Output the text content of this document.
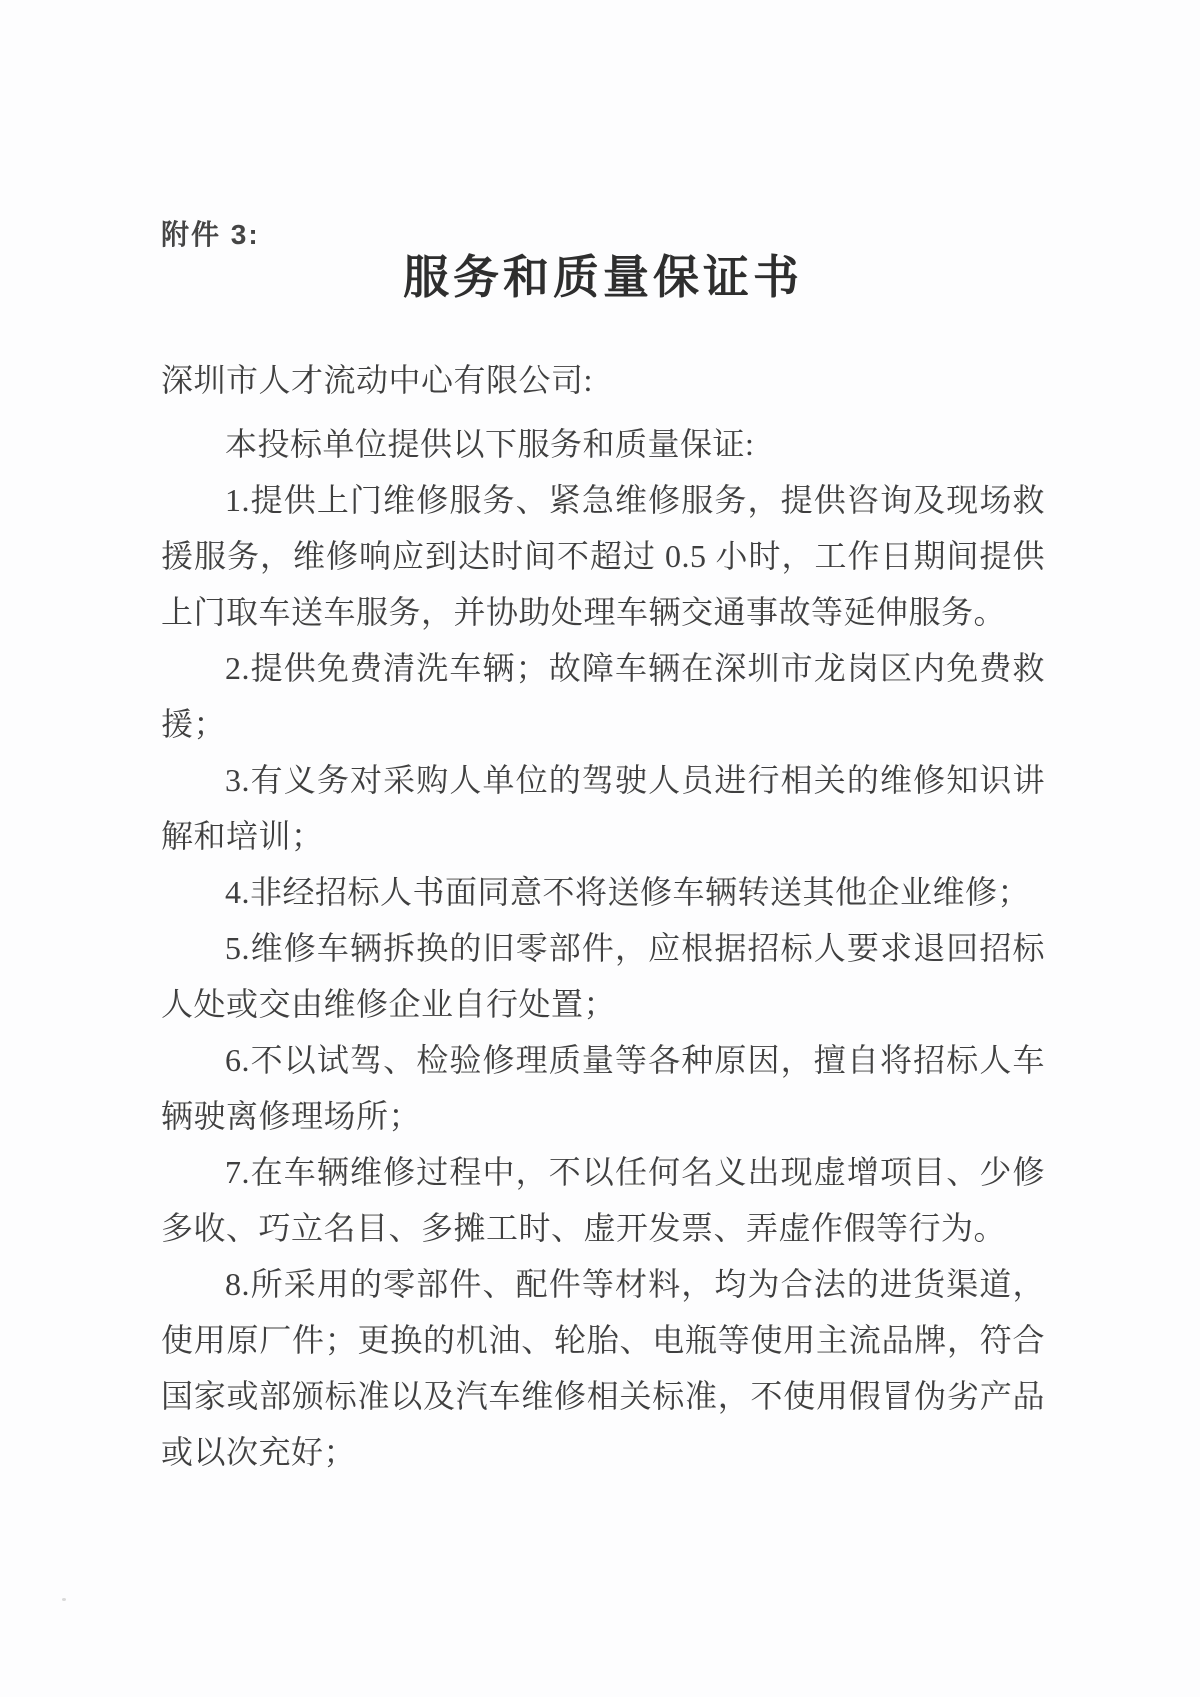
附件 3:
服务和质量保证书

深圳市人才流动中心有限公司:

本投标单位提供以下服务和质量保证:

1.提供上门维修服务、紧急维修服务，提供咨询及现场救援服务，维修响应到达时间不超过 0.5 小时，工作日期间提供上门取车送车服务，并协助处理车辆交通事故等延伸服务。

2.提供免费清洗车辆；故障车辆在深圳市龙岗区内免费救援；

3.有义务对采购人单位的驾驶人员进行相关的维修知识讲解和培训；

4.非经招标人书面同意不将送修车辆转送其他企业维修；

5.维修车辆拆换的旧零部件，应根据招标人要求退回招标人处或交由维修企业自行处置；

6.不以试驾、检验修理质量等各种原因，擅自将招标人车辆驶离修理场所；

7.在车辆维修过程中，不以任何名义出现虚增项目、少修多收、巧立名目、多摊工时、虚开发票、弄虚作假等行为。

8.所采用的零部件、配件等材料，均为合法的进货渠道，使用原厂件；更换的机油、轮胎、电瓶等使用主流品牌，符合国家或部颁标准以及汽车维修相关标准，不使用假冒伪劣产品或以次充好；
